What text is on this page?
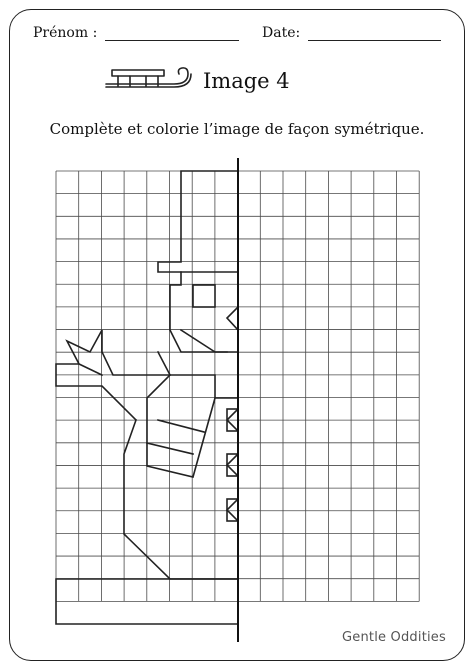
Prénom :	Date:
Image 4
Complète et colorie l’image de façon symétrique.
Gentle Oddities
